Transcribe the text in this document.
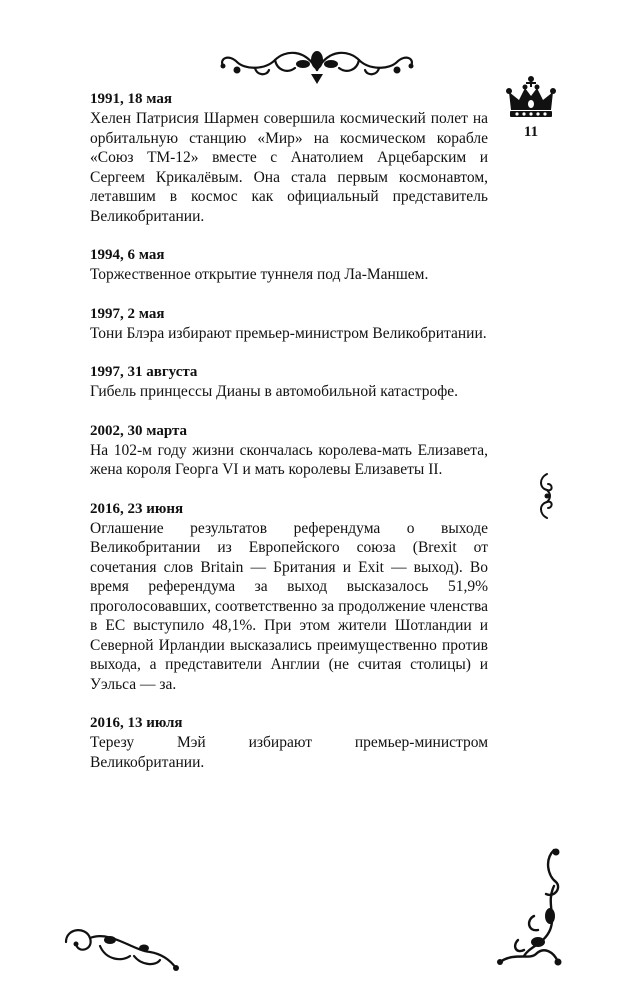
11

1991, 18 мая

Хелен Патрисия Шармен совершила космический полет на орбитальную станцию «Мир» на космическом корабле «Союз ТМ-12» вместе с Анатолием Арцебарским и Сергеем Крикалёвым. Она стала первым космонавтом, летавшим в космос как официальный представитель Великобритании.

1994, 6 мая

Торжественное открытие туннеля под Ла-Маншем.

1997, 2 мая

Тони Блэра избирают премьер-министром Великобритании.

1997, 31 августа

Гибель принцессы Дианы в автомобильной катастрофе.

2002, 30 марта

На 102-м году жизни скончалась королева-мать Елизавета, жена короля Георга VI и мать королевы Елизаветы II.

2016, 23 июня

Оглашение результатов референдума о выходе Великобритании из Европейского союза (Brexit от сочетания слов Britain — Британия и Exit — выход). Во время референдума за выход высказалось 51,9% проголосовавших, соответственно за продолжение членства в ЕС выступило 48,1%. При этом жители Шотландии и Северной Ирландии высказались преимущественно против выхода, а представители Англии (не считая столицы) и Уэльса — за.

2016, 13 июля

Терезу Мэй избирают премьер-министром Великобритании.
